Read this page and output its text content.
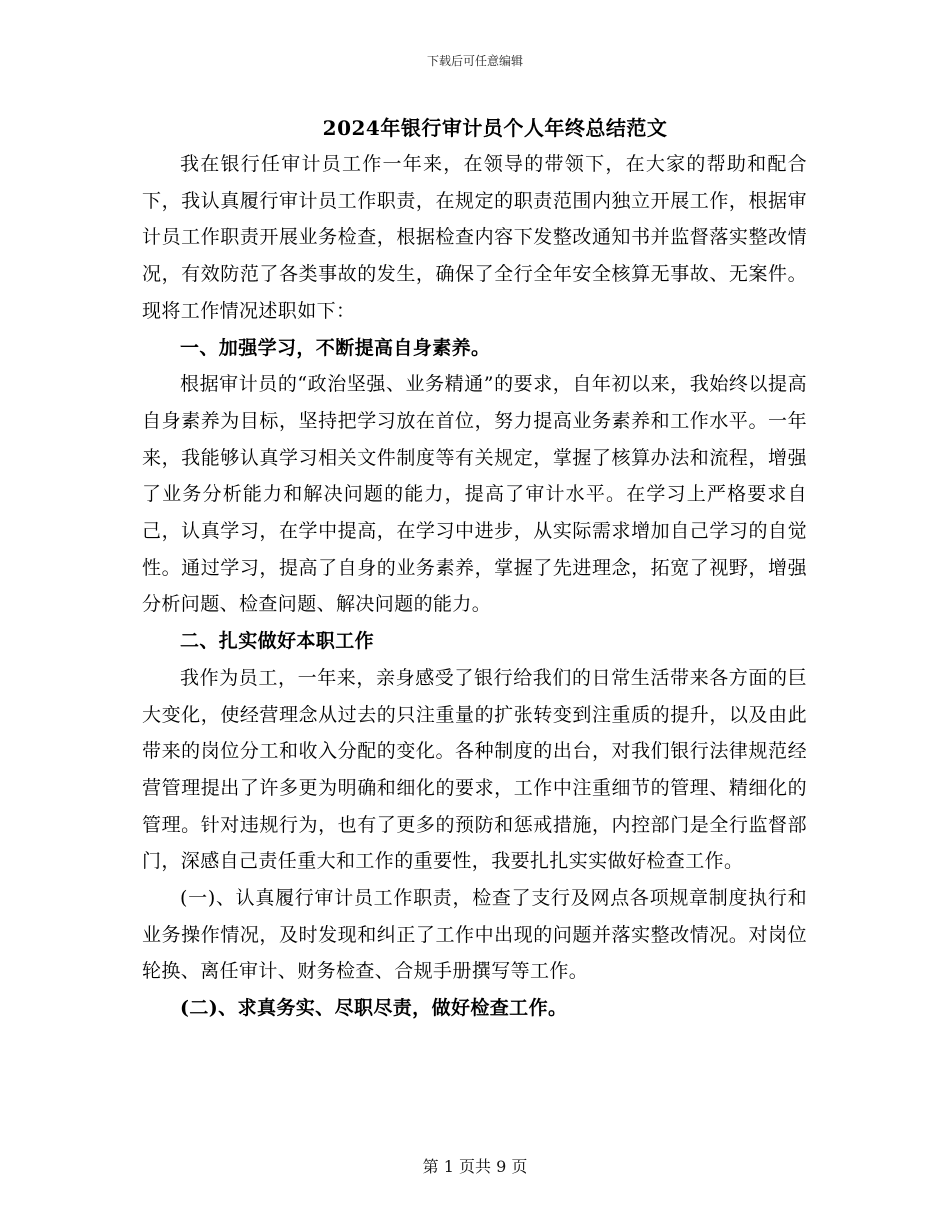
下载后可任意编辑
2024年银行审计员个人年终总结范文

我在银行任审计员工作一年来，在领导的带领下，在大家的帮助和配合下，我认真履行审计员工作职责，在规定的职责范围内独立开展工作，根据审计员工作职责开展业务检查，根据检查内容下发整改通知书并监督落实整改情况，有效防范了各类事故的发生，确保了全行全年安全核算无事故、无案件。现将工作情况述职如下：

一、加强学习，不断提高自身素养。

根据审计员的“政治坚强、业务精通”的要求，自年初以来，我始终以提高自身素养为目标，坚持把学习放在首位，努力提高业务素养和工作水平。一年来，我能够认真学习相关文件制度等有关规定，掌握了核算办法和流程，增强了业务分析能力和解决问题的能力，提高了审计水平。在学习上严格要求自己，认真学习，在学中提高，在学习中进步，从实际需求增加自己学习的自觉性。通过学习，提高了自身的业务素养，掌握了先进理念，拓宽了视野，增强分析问题、检查问题、解决问题的能力。

二、扎实做好本职工作

我作为员工，一年来，亲身感受了银行给我们的日常生活带来各方面的巨大变化，使经营理念从过去的只注重量的扩张转变到注重质的提升，以及由此带来的岗位分工和收入分配的变化。各种制度的出台，对我们银行法律规范经营管理提出了许多更为明确和细化的要求，工作中注重细节的管理、精细化的管理。针对违规行为，也有了更多的预防和惩戒措施，内控部门是全行监督部门，深感自己责任重大和工作的重要性，我要扎扎实实做好检查工作。

(一)、认真履行审计员工作职责，检查了支行及网点各项规章制度执行和业务操作情况，及时发现和纠正了工作中出现的问题并落实整改情况。对岗位轮换、离任审计、财务检查、合规手册撰写等工作。

(二)、求真务实、尽职尽责，做好检查工作。

第 1 页共 9 页
